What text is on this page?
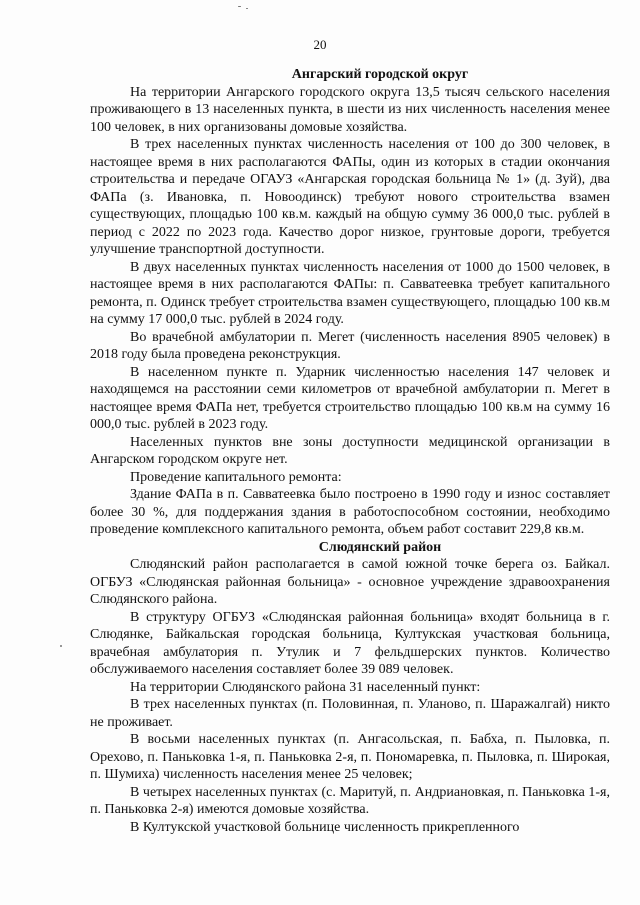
20
Ангарский городской округ

На территории Ангарского городского округа 13,5 тысяч сельского населения проживающего в 13 населенных пункта, в шести из них численность населения менее 100 человек, в них организованы домовые хозяйства.

В трех населенных пунктах численность населения от 100 до 300 человек, в настоящее время в них располагаются ФАПы, один из которых в стадии окончания строительства и передаче ОГАУЗ «Ангарская городская больница № 1» (д. Зуй), два ФАПа (з. Ивановка, п. Новоодинск) требуют нового строительства взамен существующих, площадью 100 кв.м. каждый на общую сумму 36 000,0 тыс. рублей в период с 2022 по 2023 года. Качество дорог низкое, грунтовые дороги, требуется улучшение транспортной доступности.

В двух населенных пунктах численность населения от 1000 до 1500 человек, в настоящее время в них располагаются ФАПы: п. Савватеевка требует капитального ремонта, п. Одинск требует строительства взамен существующего, площадью 100 кв.м на сумму 17 000,0 тыс. рублей в 2024 году.

Во врачебной амбулатории п. Мегет (численность населения 8905 человек) в 2018 году была проведена реконструкция.

В населенном пункте п. Ударник численностью населения 147 человек и находящемся на расстоянии семи километров от врачебной амбулатории п. Мегет в настоящее время ФАПа нет, требуется строительство площадью 100 кв.м на сумму 16 000,0 тыс. рублей в 2023 году.

Населенных пунктов вне зоны доступности медицинской организации в Ангарском городском округе нет.

Проведение капитального ремонта:

Здание ФАПа в п. Савватеевка было построено в 1990 году и износ составляет более 30 %, для поддержания здания в работоспособном состоянии, необходимо проведение комплексного капитального ремонта, объем работ составит 229,8 кв.м.

Слюдянский район

Слюдянский район располагается в самой южной точке берега оз. Байкал. ОГБУЗ «Слюдянская районная больница» - основное учреждение здравоохранения Слюдянского района.

В структуру ОГБУЗ «Слюдянская районная больница» входят больница в г. Слюдянке, Байкальская городская больница, Култукская участковая больница, врачебная амбулатория п. Утулик и 7 фельдшерских пунктов. Количество обслуживаемого населения составляет более 39 089 человек.

На территории Слюдянского района 31 населенный пункт:

В трех населенных пунктах (п. Половинная, п. Уланово, п. Шаражалгай) никто не проживает.

В восьми населенных пунктах (п. Ангасольская, п. Бабха, п. Пыловка, п. Орехово, п. Паньковка 1-я, п. Паньковка 2-я, п. Пономаревка, п. Пыловка, п. Широкая, п. Шумиха) численность населения менее 25 человек;

В четырех населенных пунктах (с. Маритуй, п. Андриановкая, п. Паньковка 1-я, п. Паньковка 2-я) имеются домовые хозяйства.

В Култукской участковой больнице численность прикрепленного
